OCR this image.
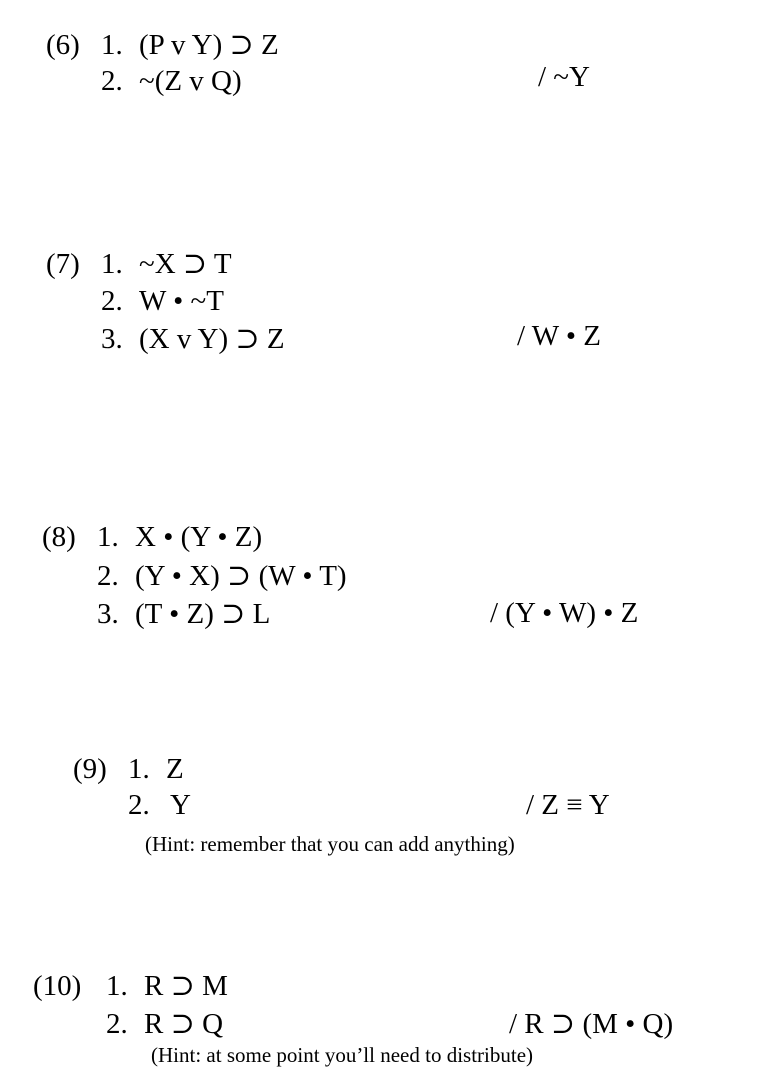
(6) 1. (P v Y) ⊃ Z
2. ~(Z v Q)	/ ~Y
(7) 1. ~X ⊃ T
2. W • ~T
3. (X v Y) ⊃ Z	/ W • Z
(8) 1. X • (Y • Z)
2. (Y • X) ⊃ (W • T)
3. (T • Z) ⊃ L	/ (Y • W) • Z
(9) 1. Z
2. Y	/ Z ≡ Y
(Hint: remember that you can add anything)
(10) 1. R ⊃ M
2. R ⊃ Q	/ R ⊃ (M • Q)
(Hint: at some point you’ll need to distribute)
